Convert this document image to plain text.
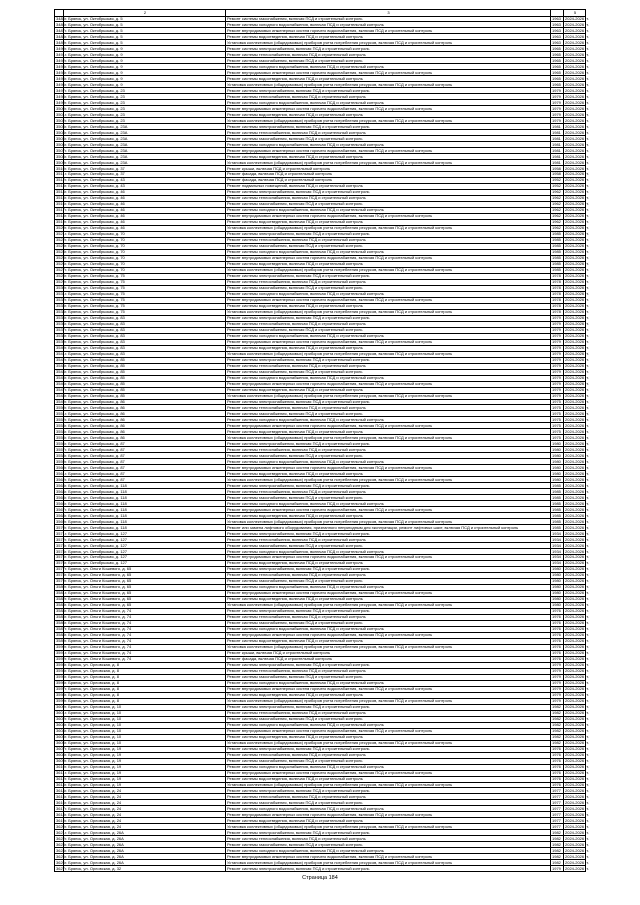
	2	3		5
3485	г. Брянск, ул. Октябрьская, д. 5	Ремонт системы газоснабжения, включая ПСД и строительный контроль	1963	2024-2026 гг.
3486	г. Брянск, ул. Октябрьская, д. 5	Ремонт системы холодного водоснабжения, включая ПСД и строительный контроль	1963	2024-2026 гг.
3487	г. Брянск, ул. Октябрьская, д. 5	Ремонт внутридомовых инженерных систем горячего водоснабжения, включая ПСД и строительный контроль	1963	2024-2026 гг.
3488	г. Брянск, ул. Октябрьская, д. 5	Ремонт системы водоотведения, включая ПСД и строительный контроль	1963	2024-2026 гг.
3489	г. Брянск, ул. Октябрьская, д. 5	Установка коллективных (общедомовых) приборов учета потребления ресурсов, включая ПСД и строительный контроль	1963	2024-2026 гг.
3490	г. Брянск, ул. Октябрьская, д. 9	Ремонт системы электроснабжения, включая ПСД и строительный контроль	1965	2024-2026 гг.
3491	г. Брянск, ул. Октябрьская, д. 9	Ремонт системы теплоснабжения, включая ПСД и строительный контроль	1965	2024-2026 гг.
3492	г. Брянск, ул. Октябрьская, д. 9	Ремонт системы газоснабжения, включая ПСД и строительный контроль	1965	2024-2026 гг.
3493	г. Брянск, ул. Октябрьская, д. 9	Ремонт системы холодного водоснабжения, включая ПСД и строительный контроль	1965	2024-2026 гг.
3494	г. Брянск, ул. Октябрьская, д. 9	Ремонт внутридомовых инженерных систем горячего водоснабжения, включая ПСД и строительный контроль	1965	2024-2026 гг.
3495	г. Брянск, ул. Октябрьская, д. 9	Ремонт системы водоотведения, включая ПСД и строительный контроль	1965	2024-2026 гг.
3496	г. Брянск, ул. Октябрьская, д. 9	Установка коллективных (общедомовых) приборов учета потребления ресурсов, включая ПСД и строительный контроль	1965	2024-2026 гг.
3497	г. Брянск, ул. Октябрьская, д. 23	Ремонт системы электроснабжения, включая ПСД и строительный контроль	1979	2024-2026 гг.
3498	г. Брянск, ул. Октябрьская, д. 23	Ремонт системы теплоснабжения, включая ПСД и строительный контроль	1979	2024-2026 гг.
3499	г. Брянск, ул. Октябрьская, д. 23	Ремонт системы холодного водоснабжения, включая ПСД и строительный контроль	1979	2024-2026 гг.
3500	г. Брянск, ул. Октябрьская, д. 23	Ремонт внутридомовых инженерных систем горячего водоснабжения, включая ПСД и строительный контроль	1979	2024-2026 гг.
3501	г. Брянск, ул. Октябрьская, д. 23	Ремонт системы водоотведения, включая ПСД и строительный контроль	1979	2024-2026 гг.
3502	г. Брянск, ул. Октябрьская, д. 23	Установка коллективных (общедомовых) приборов учета потребления ресурсов, включая ПСД и строительный контроль	1979	2024-2026 гг.
3503	г. Брянск, ул. Октябрьская, д. 23А	Ремонт системы электроснабжения, включая ПСД и строительный контроль	1981	2024-2026 гг.
3504	г. Брянск, ул. Октябрьская, д. 23А	Ремонт системы теплоснабжения, включая ПСД и строительный контроль	1981	2024-2026 гг.
3505	г. Брянск, ул. Октябрьская, д. 23А	Ремонт системы газоснабжения, включая ПСД и строительный контроль	1981	2024-2026 гг.
3506	г. Брянск, ул. Октябрьская, д. 23А	Ремонт системы холодного водоснабжения, включая ПСД и строительный контроль	1981	2024-2026 гг.
3507	г. Брянск, ул. Октябрьская, д. 23А	Ремонт внутридомовых инженерных систем горячего водоснабжения, включая ПСД и строительный контроль	1981	2024-2026 гг.
3508	г. Брянск, ул. Октябрьская, д. 23А	Ремонт системы водоотведения, включая ПСД и строительный контроль	1981	2024-2026 гг.
3509	г. Брянск, ул. Октябрьская, д. 23А	Установка коллективных (общедомовых) приборов учета потребления ресурсов, включая ПСД и строительный контроль	1981	2024-2026 гг.
3510	г. Брянск, ул. Октябрьская, д. 37	Ремонт крыши, включая ПСД и строительный контроль	1958	2024-2026 гг.
3511	г. Брянск, ул. Октябрьская, д. 37	Ремонт фасада, включая ПСД и строительный контроль	1958	2024-2026 гг.
3512	г. Брянск, ул. Октябрьская, д. 43	Ремонт фасада, включая ПСД и строительный контроль	1952	2024-2026 гг.
3513	г. Брянск, ул. Октябрьская, д. 43	Ремонт подвальных помещений, включая ПСД и строительный контроль	1952	2024-2026 гг.
3514	г. Брянск, ул. Октябрьская, д. 46	Ремонт системы электроснабжения, включая ПСД и строительный контроль	1962	2024-2026 гг.
3515	г. Брянск, ул. Октябрьская, д. 46	Ремонт системы теплоснабжения, включая ПСД и строительный контроль	1962	2024-2026 гг.
3516	г. Брянск, ул. Октябрьская, д. 46	Ремонт системы газоснабжения, включая ПСД и строительный контроль	1962	2024-2026 гг.
3517	г. Брянск, ул. Октябрьская, д. 46	Ремонт системы холодного водоснабжения, включая ПСД и строительный контроль	1962	2024-2026 гг.
3518	г. Брянск, ул. Октябрьская, д. 46	Ремонт внутридомовых инженерных систем горячего водоснабжения, включая ПСД и строительный контроль	1962	2024-2026 гг.
3519	г. Брянск, ул. Октябрьская, д. 46	Ремонт системы водоотведения, включая ПСД и строительный контроль	1962	2024-2026 гг.
3520	г. Брянск, ул. Октябрьская, д. 46	Установка коллективных (общедомовых) приборов учета потребления ресурсов, включая ПСД и строительный контроль	1962	2024-2026 гг.
3521	г. Брянск, ул. Октябрьская, д. 70	Ремонт системы электроснабжения, включая ПСД и строительный контроль	1985	2024-2026 гг.
3522	г. Брянск, ул. Октябрьская, д. 70	Ремонт системы теплоснабжения, включая ПСД и строительный контроль	1985	2024-2026 гг.
3523	г. Брянск, ул. Октябрьская, д. 70	Ремонт системы газоснабжения, включая ПСД и строительный контроль	1985	2024-2026 гг.
3524	г. Брянск, ул. Октябрьская, д. 70	Ремонт системы холодного водоснабжения, включая ПСД и строительный контроль	1985	2024-2026 гг.
3525	г. Брянск, ул. Октябрьская, д. 70	Ремонт внутридомовых инженерных систем горячего водоснабжения, включая ПСД и строительный контроль	1985	2024-2026 гг.
3526	г. Брянск, ул. Октябрьская, д. 70	Ремонт системы водоотведения, включая ПСД и строительный контроль	1985	2024-2026 гг.
3527	г. Брянск, ул. Октябрьская, д. 70	Установка коллективных (общедомовых) приборов учета потребления ресурсов, включая ПСД и строительный контроль	1985	2024-2026 гг.
3528	г. Брянск, ул. Октябрьская, д. 75	Ремонт системы электроснабжения, включая ПСД и строительный контроль	1978	2024-2026 гг.
3529	г. Брянск, ул. Октябрьская, д. 75	Ремонт системы теплоснабжения, включая ПСД и строительный контроль	1978	2024-2026 гг.
3530	г. Брянск, ул. Октябрьская, д. 75	Ремонт системы газоснабжения, включая ПСД и строительный контроль	1978	2024-2026 гг.
3531	г. Брянск, ул. Октябрьская, д. 75	Ремонт системы холодного водоснабжения, включая ПСД и строительный контроль	1978	2024-2026 гг.
3532	г. Брянск, ул. Октябрьская, д. 75	Ремонт внутридомовых инженерных систем горячего водоснабжения, включая ПСД и строительный контроль	1978	2024-2026 гг.
3533	г. Брянск, ул. Октябрьская, д. 75	Ремонт системы водоотведения, включая ПСД и строительный контроль	1978	2024-2026 гг.
3534	г. Брянск, ул. Октябрьская, д. 75	Установка коллективных (общедомовых) приборов учета потребления ресурсов, включая ПСД и строительный контроль	1978	2024-2026 гг.
3535	г. Брянск, ул. Октябрьская, д. 83	Ремонт системы электроснабжения, включая ПСД и строительный контроль	1979	2024-2026 гг.
3536	г. Брянск, ул. Октябрьская, д. 83	Ремонт системы теплоснабжения, включая ПСД и строительный контроль	1979	2024-2026 гг.
3537	г. Брянск, ул. Октябрьская, д. 83	Ремонт системы газоснабжения, включая ПСД и строительный контроль	1979	2024-2026 гг.
3538	г. Брянск, ул. Октябрьская, д. 83	Ремонт системы холодного водоснабжения, включая ПСД и строительный контроль	1979	2024-2026 гг.
3539	г. Брянск, ул. Октябрьская, д. 83	Ремонт внутридомовых инженерных систем горячего водоснабжения, включая ПСД и строительный контроль	1979	2024-2026 гг.
3540	г. Брянск, ул. Октябрьская, д. 83	Ремонт системы водоотведения, включая ПСД и строительный контроль	1979	2024-2026 гг.
3541	г. Брянск, ул. Октябрьская, д. 83	Установка коллективных (общедомовых) приборов учета потребления ресурсов, включая ПСД и строительный контроль	1979	2024-2026 гг.
3542	г. Брянск, ул. Октябрьская, д. 85	Ремонт системы электроснабжения, включая ПСД и строительный контроль	1979	2024-2026 гг.
3543	г. Брянск, ул. Октябрьская, д. 85	Ремонт системы теплоснабжения, включая ПСД и строительный контроль	1979	2024-2026 гг.
3544	г. Брянск, ул. Октябрьская, д. 85	Ремонт системы газоснабжения, включая ПСД и строительный контроль	1979	2024-2026 гг.
3545	г. Брянск, ул. Октябрьская, д. 85	Ремонт системы холодного водоснабжения, включая ПСД и строительный контроль	1979	2024-2026 гг.
3546	г. Брянск, ул. Октябрьская, д. 85	Ремонт внутридомовых инженерных систем горячего водоснабжения, включая ПСД и строительный контроль	1979	2024-2026 гг.
3547	г. Брянск, ул. Октябрьская, д. 85	Ремонт системы водоотведения, включая ПСД и строительный контроль	1979	2024-2026 гг.
3548	г. Брянск, ул. Октябрьская, д. 85	Установка коллективных (общедомовых) приборов учета потребления ресурсов, включая ПСД и строительный контроль	1979	2024-2026 гг.
3549	г. Брянск, ул. Октябрьская, д. 86	Ремонт системы электроснабжения, включая ПСД и строительный контроль	1975	2024-2026 гг.
3550	г. Брянск, ул. Октябрьская, д. 86	Ремонт системы теплоснабжения, включая ПСД и строительный контроль	1975	2024-2026 гг.
3551	г. Брянск, ул. Октябрьская, д. 86	Ремонт системы газоснабжения, включая ПСД и строительный контроль	1975	2024-2026 гг.
3552	г. Брянск, ул. Октябрьская, д. 86	Ремонт системы холодного водоснабжения, включая ПСД и строительный контроль	1975	2024-2026 гг.
3553	г. Брянск, ул. Октябрьская, д. 86	Ремонт внутридомовых инженерных систем горячего водоснабжения, включая ПСД и строительный контроль	1975	2024-2026 гг.
3554	г. Брянск, ул. Октябрьская, д. 86	Ремонт системы водоотведения, включая ПСД и строительный контроль	1975	2024-2026 гг.
3555	г. Брянск, ул. Октябрьская, д. 86	Установка коллективных (общедомовых) приборов учета потребления ресурсов, включая ПСД и строительный контроль	1975	2024-2026 гг.
3556	г. Брянск, ул. Октябрьская, д. 87	Ремонт системы электроснабжения, включая ПСД и строительный контроль	1980	2024-2026 гг.
3557	г. Брянск, ул. Октябрьская, д. 87	Ремонт системы теплоснабжения, включая ПСД и строительный контроль	1980	2024-2026 гг.
3558	г. Брянск, ул. Октябрьская, д. 87	Ремонт системы газоснабжения, включая ПСД и строительный контроль	1980	2024-2026 гг.
3559	г. Брянск, ул. Октябрьская, д. 87	Ремонт системы холодного водоснабжения, включая ПСД и строительный контроль	1980	2024-2026 гг.
3560	г. Брянск, ул. Октябрьская, д. 87	Ремонт внутридомовых инженерных систем горячего водоснабжения, включая ПСД и строительный контроль	1980	2024-2026 гг.
3561	г. Брянск, ул. Октябрьская, д. 87	Ремонт системы водоотведения, включая ПСД и строительный контроль	1980	2024-2026 гг.
3562	г. Брянск, ул. Октябрьская, д. 87	Установка коллективных (общедомовых) приборов учета потребления ресурсов, включая ПСД и строительный контроль	1980	2024-2026 гг.
3563	г. Брянск, ул. Октябрьская, д. 118	Ремонт системы электроснабжения, включая ПСД и строительный контроль	1985	2024-2026 гг.
3564	г. Брянск, ул. Октябрьская, д. 118	Ремонт системы теплоснабжения, включая ПСД и строительный контроль	1985	2024-2026 гг.
3565	г. Брянск, ул. Октябрьская, д. 118	Ремонт системы газоснабжения, включая ПСД и строительный контроль	1985	2024-2026 гг.
3566	г. Брянск, ул. Октябрьская, д. 118	Ремонт системы холодного водоснабжения, включая ПСД и строительный контроль	1985	2024-2026 гг.
3567	г. Брянск, ул. Октябрьская, д. 118	Ремонт внутридомовых инженерных систем горячего водоснабжения, включая ПСД и строительный контроль	1985	2024-2026 гг.
3568	г. Брянск, ул. Октябрьская, д. 118	Ремонт системы водоотведения, включая ПСД и строительный контроль	1985	2024-2026 гг.
3569	г. Брянск, ул. Октябрьская, д. 118	Установка коллективных (общедомовых) приборов учета потребления ресурсов, включая ПСД и строительный контроль	1985	2024-2026 гг.
3570	г. Брянск, ул. Октябрьская, д. 118	Ремонт или замена лифтового оборудования, признанного непригодным для эксплуатации, ремонт лифтовых шахт, включая ПСД и строительный контроль	1985	2024-2026 гг.
3571	г. Брянск, ул. Октябрьская, д. 127	Ремонт системы электроснабжения, включая ПСД и строительный контроль	1934	2024-2026 гг.
3572	г. Брянск, ул. Октябрьская, д. 127	Ремонт системы теплоснабжения, включая ПСД и строительный контроль	1934	2024-2026 гг.
3573	г. Брянск, ул. Октябрьская, д. 127	Ремонт системы газоснабжения, включая ПСД и строительный контроль	1934	2024-2026 гг.
3574	г. Брянск, ул. Октябрьская, д. 127	Ремонт системы холодного водоснабжения, включая ПСД и строительный контроль	1934	2024-2026 гг.
3575	г. Брянск, ул. Октябрьская, д. 127	Ремонт внутридомовых инженерных систем горячего водоснабжения, включая ПСД и строительный контроль	1934	2024-2026 гг.
3576	г. Брянск, ул. Октябрьская, д. 127	Ремонт системы водоотведения, включая ПСД и строительный контроль	1934	2024-2026 гг.
3577	г. Брянск, ул. Ольги Кошевого, д. 65	Ремонт системы электроснабжения, включая ПСД и строительный контроль	1980	2024-2026 гг.
3578	г. Брянск, ул. Ольги Кошевого, д. 65	Ремонт системы теплоснабжения, включая ПСД и строительный контроль	1980	2024-2026 гг.
3579	г. Брянск, ул. Ольги Кошевого, д. 65	Ремонт системы газоснабжения, включая ПСД и строительный контроль	1980	2024-2026 гг.
3580	г. Брянск, ул. Ольги Кошевого, д. 65	Ремонт системы холодного водоснабжения, включая ПСД и строительный контроль	1980	2024-2026 гг.
3581	г. Брянск, ул. Ольги Кошевого, д. 65	Ремонт внутридомовых инженерных систем горячего водоснабжения, включая ПСД и строительный контроль	1980	2024-2026 гг.
3582	г. Брянск, ул. Ольги Кошевого, д. 65	Ремонт системы водоотведения, включая ПСД и строительный контроль	1980	2024-2026 гг.
3583	г. Брянск, ул. Ольги Кошевого, д. 65	Установка коллективных (общедомовых) приборов учета потребления ресурсов, включая ПСД и строительный контроль	1980	2024-2026 гг.
3584	г. Брянск, ул. Ольги Кошевого, д. 74	Ремонт системы электроснабжения, включая ПСД и строительный контроль	1976	2024-2026 гг.
3585	г. Брянск, ул. Ольги Кошевого, д. 74	Ремонт системы теплоснабжения, включая ПСД и строительный контроль	1976	2024-2026 гг.
3586	г. Брянск, ул. Ольги Кошевого, д. 74	Ремонт системы газоснабжения, включая ПСД и строительный контроль	1976	2024-2026 гг.
3587	г. Брянск, ул. Ольги Кошевого, д. 74	Ремонт системы холодного водоснабжения, включая ПСД и строительный контроль	1976	2024-2026 гг.
3588	г. Брянск, ул. Ольги Кошевого, д. 74	Ремонт внутридомовых инженерных систем горячего водоснабжения, включая ПСД и строительный контроль	1976	2024-2026 гг.
3589	г. Брянск, ул. Ольги Кошевого, д. 74	Ремонт системы водоотведения, включая ПСД и строительный контроль	1976	2024-2026 гг.
3590	г. Брянск, ул. Ольги Кошевого, д. 74	Установка коллективных (общедомовых) приборов учета потребления ресурсов, включая ПСД и строительный контроль	1976	2024-2026 гг.
3591	г. Брянск, ул. Ольги Кошевого, д. 74	Ремонт крыши, включая ПСД и строительный контроль	1976	2024-2026 гг.
3592	г. Брянск, ул. Ольги Кошевого, д. 74	Ремонт фасада, включая ПСД и строительный контроль	1976	2024-2026 гг.
3593	г. Брянск, ул. Орловская, д. 8	Ремонт системы электроснабжения, включая ПСД и строительный контроль	1979	2024-2026 гг.
3594	г. Брянск, ул. Орловская, д. 8	Ремонт системы теплоснабжения, включая ПСД и строительный контроль	1979	2024-2026 гг.
3595	г. Брянск, ул. Орловская, д. 8	Ремонт системы газоснабжения, включая ПСД и строительный контроль	1979	2024-2026 гг.
3596	г. Брянск, ул. Орловская, д. 8	Ремонт системы холодного водоснабжения, включая ПСД и строительный контроль	1979	2024-2026 гг.
3597	г. Брянск, ул. Орловская, д. 8	Ремонт внутридомовых инженерных систем горячего водоснабжения, включая ПСД и строительный контроль	1979	2024-2026 гг.
3598	г. Брянск, ул. Орловская, д. 8	Ремонт системы водоотведения, включая ПСД и строительный контроль	1979	2024-2026 гг.
3599	г. Брянск, ул. Орловская, д. 8	Установка коллективных (общедомовых) приборов учета потребления ресурсов, включая ПСД и строительный контроль	1979	2024-2026 гг.
3600	г. Брянск, ул. Орловская, д. 10	Ремонт системы электроснабжения, включая ПСД и строительный контроль	1982	2024-2026 гг.
3601	г. Брянск, ул. Орловская, д. 10	Ремонт системы теплоснабжения, включая ПСД и строительный контроль	1982	2024-2026 гг.
3602	г. Брянск, ул. Орловская, д. 10	Ремонт системы газоснабжения, включая ПСД и строительный контроль	1982	2024-2026 гг.
3603	г. Брянск, ул. Орловская, д. 10	Ремонт системы холодного водоснабжения, включая ПСД и строительный контроль	1982	2024-2026 гг.
3604	г. Брянск, ул. Орловская, д. 10	Ремонт внутридомовых инженерных систем горячего водоснабжения, включая ПСД и строительный контроль	1982	2024-2026 гг.
3605	г. Брянск, ул. Орловская, д. 10	Ремонт системы водоотведения, включая ПСД и строительный контроль	1982	2024-2026 гг.
3606	г. Брянск, ул. Орловская, д. 10	Установка коллективных (общедомовых) приборов учета потребления ресурсов, включая ПСД и строительный контроль	1982	2024-2026 гг.
3607	г. Брянск, ул. Орловская, д. 19	Ремонт системы электроснабжения, включая ПСД и строительный контроль	1976	2024-2026 гг.
3608	г. Брянск, ул. Орловская, д. 19	Ремонт системы теплоснабжения, включая ПСД и строительный контроль	1976	2024-2026 гг.
3609	г. Брянск, ул. Орловская, д. 19	Ремонт системы газоснабжения, включая ПСД и строительный контроль	1976	2024-2026 гг.
3610	г. Брянск, ул. Орловская, д. 19	Ремонт системы холодного водоснабжения, включая ПСД и строительный контроль	1976	2024-2026 гг.
3611	г. Брянск, ул. Орловская, д. 19	Ремонт внутридомовых инженерных систем горячего водоснабжения, включая ПСД и строительный контроль	1976	2024-2026 гг.
3612	г. Брянск, ул. Орловская, д. 19	Ремонт системы водоотведения, включая ПСД и строительный контроль	1976	2024-2026 гг.
3613	г. Брянск, ул. Орловская, д. 19	Установка коллективных (общедомовых) приборов учета потребления ресурсов, включая ПСД и строительный контроль	1976	2024-2026 гг.
3614	г. Брянск, ул. Орловская, д. 24	Ремонт системы электроснабжения, включая ПСД и строительный контроль	1977	2024-2026 гг.
3615	г. Брянск, ул. Орловская, д. 24	Ремонт системы теплоснабжения, включая ПСД и строительный контроль	1977	2024-2026 гг.
3616	г. Брянск, ул. Орловская, д. 24	Ремонт системы газоснабжения, включая ПСД и строительный контроль	1977	2024-2026 гг.
3617	г. Брянск, ул. Орловская, д. 24	Ремонт системы холодного водоснабжения, включая ПСД и строительный контроль	1977	2024-2026 гг.
3618	г. Брянск, ул. Орловская, д. 24	Ремонт внутридомовых инженерных систем горячего водоснабжения, включая ПСД и строительный контроль	1977	2024-2026 гг.
3619	г. Брянск, ул. Орловская, д. 24	Ремонт системы водоотведения, включая ПСД и строительный контроль	1977	2024-2026 гг.
3620	г. Брянск, ул. Орловская, д. 24	Установка коллективных (общедомовых) приборов учета потребления ресурсов, включая ПСД и строительный контроль	1977	2024-2026 гг.
3621	г. Брянск, ул. Орловская, д. 26А	Ремонт системы электроснабжения, включая ПСД и строительный контроль	1982	2024-2026 гг.
3622	г. Брянск, ул. Орловская, д. 26А	Ремонт системы теплоснабжения, включая ПСД и строительный контроль	1982	2024-2026 гг.
3623	г. Брянск, ул. Орловская, д. 26А	Ремонт системы газоснабжения, включая ПСД и строительный контроль	1982	2024-2026 гг.
3624	г. Брянск, ул. Орловская, д. 26А	Ремонт системы холодного водоснабжения, включая ПСД и строительный контроль	1982	2024-2026 гг.
3625	г. Брянск, ул. Орловская, д. 26А	Ремонт внутридомовых инженерных систем горячего водоснабжения, включая ПСД и строительный контроль	1982	2024-2026 гг.
3626	г. Брянск, ул. Орловская, д. 26А	Установка коллективных (общедомовых) приборов учета потребления ресурсов, включая ПСД и строительный контроль	1982	2024-2026 гг.
3627	г. Брянск, ул. Орловская, д. 32	Ремонт системы электроснабжения, включая ПСД и строительный контроль	1979	2024-2026 гг.
Страница 184
